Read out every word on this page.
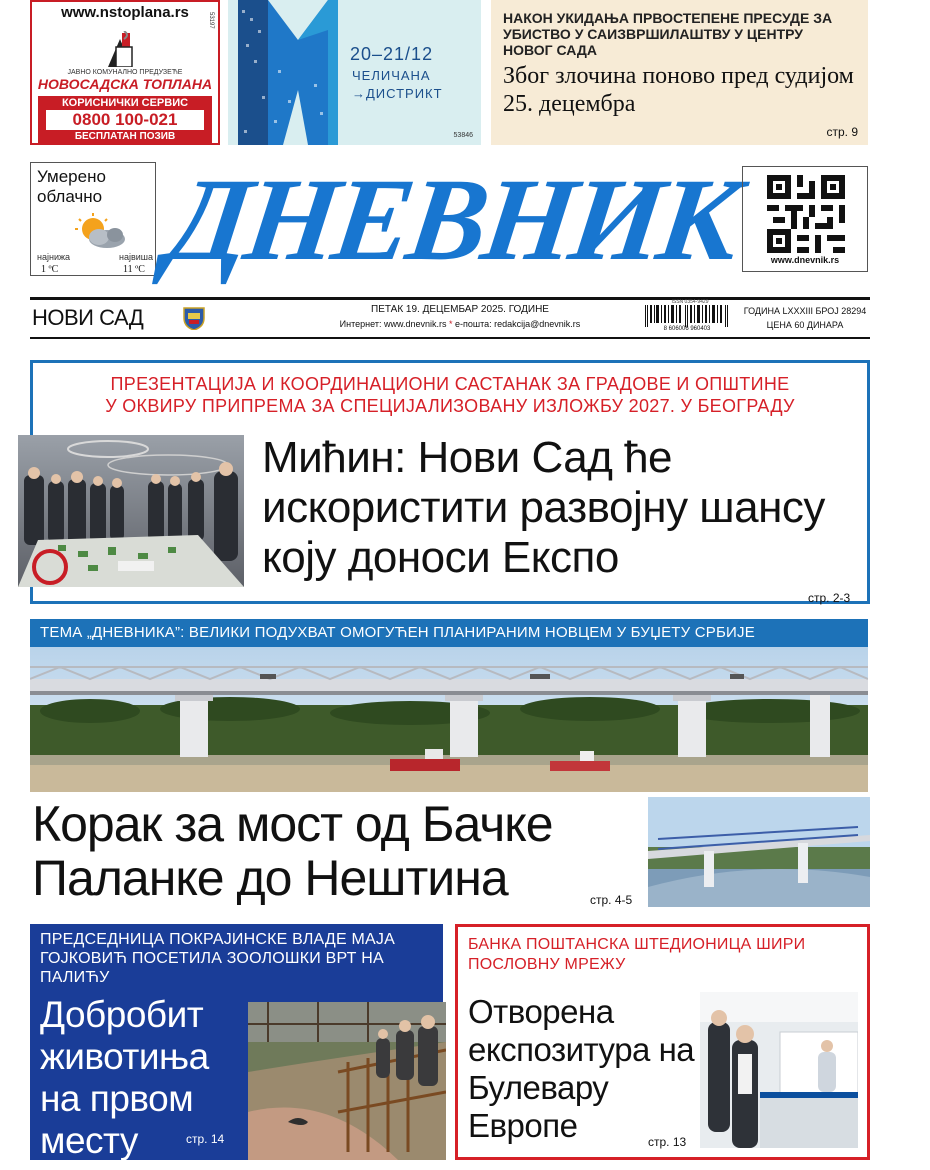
www.nstoplana.rs
ЈАВНО КОМУНАЛНО ПРЕДУЗЕЋЕ
НОВОСАДСКА ТОПЛАНА
КОРИСНИЧКИ СЕРВИС
0800 100-021
БЕСПЛАТАН ПОЗИВ
53197
20–21/12
ЧЕЛИЧАНА
→ДИСТРИКТ
53846
НАКОН УКИДАЊА ПРВОСТЕПЕНЕ ПРЕСУДЕ ЗА УБИСТВО У САИЗВРШИЛАШТВУ У ЦЕНТРУ НОВОГ САДА
Због злочина поново пред судијом 25. децембра
стр. 9
Умерено облачно
најнижа
1 ºC
највиша
11 ºC ДНЕВНИК	www.dnevnik.rs
НОВИ САД	ПЕТАК 19. ДЕЦЕМБАР 2025. ГОДИНЕ
Интернет: www.dnevnik.rs * е-пошта: redakcija@dnevnik.rs
ISSN 0354-9429
8 606006 960403
ГОДИНА LXXXIII БРОЈ 28294
ЦЕНА 60 ДИНАРА
ПРЕЗЕНТАЦИЈА И КООРДИНАЦИОНИ САСТАНАК ЗА ГРАДОВЕ И ОПШТИНЕ
У ОКВИРУ ПРИПРЕМА ЗА СПЕЦИЈАЛИЗОВАНУ ИЗЛОЖБУ 2027. У БЕОГРАДУ
Мићин: Нови Сад ће искористити развојну шансу коју доноси Експо
стр. 2-3
ТЕМА „ДНЕВНИКА”: ВЕЛИКИ ПОДУХВАТ ОМОГУЋЕН ПЛАНИРАНИМ НОВЦЕМ У БУЏЕТУ СРБИЈЕ
Корак за мост од Бачке Паланке до Нештина	стр. 4-5
ПРЕДСЕДНИЦА ПОКРАЈИНСКЕ ВЛАДЕ МАЈА ГОЈКОВИЋ ПОСЕТИЛА ЗООЛОШКИ ВРТ НА ПАЛИЋУ
Добробит животиња на првом месту	стр. 14
БАНКА ПОШТАНСКА ШТЕДИОНИЦА ШИРИ ПОСЛОВНУ МРЕЖУ
Отворена експозитура на Булевару Европе	стр. 13
